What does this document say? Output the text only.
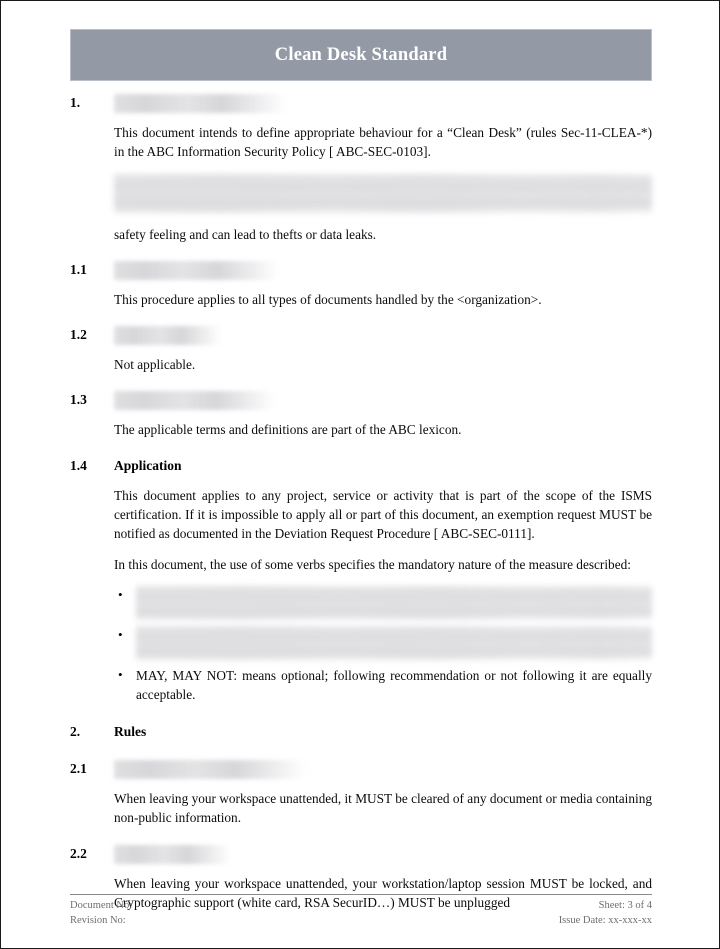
Clean Desk Standard
1.

This document intends to define appropriate behaviour for a “Clean Desk” (rules Sec-11-CLEA-*) in the ABC Information Security Policy [ ABC-SEC-0103].

safety feeling and can lead to thefts or data leaks.

1.1

This procedure applies to all types of documents handled by the <organization>.

1.2

Not applicable.

1.3

The applicable terms and definitions are part of the ABC lexicon.

1.4	Application

This document applies to any project, service or activity that is part of the scope of the ISMS certification. If it is impossible to apply all or part of this document, an exemption request MUST be notified as documented in the Deviation Request Procedure [ ABC-SEC-0111].

In this document, the use of some verbs specifies the mandatory nature of the measure described:

•
•
•	MAY, MAY NOT: means optional; following recommendation or not following it are equally acceptable.
2.	Rules
2.1

When leaving your workspace unattended, it MUST be cleared of any document or media containing non-public information.

2.2

When leaving your workspace unattended, your workstation/laptop session MUST be locked, and Cryptographic support (white card, RSA SecurID…) MUST be unplugged

Document No:
Revision No:
Sheet: 3 of 4
Issue Date: xx-xxx-xx
